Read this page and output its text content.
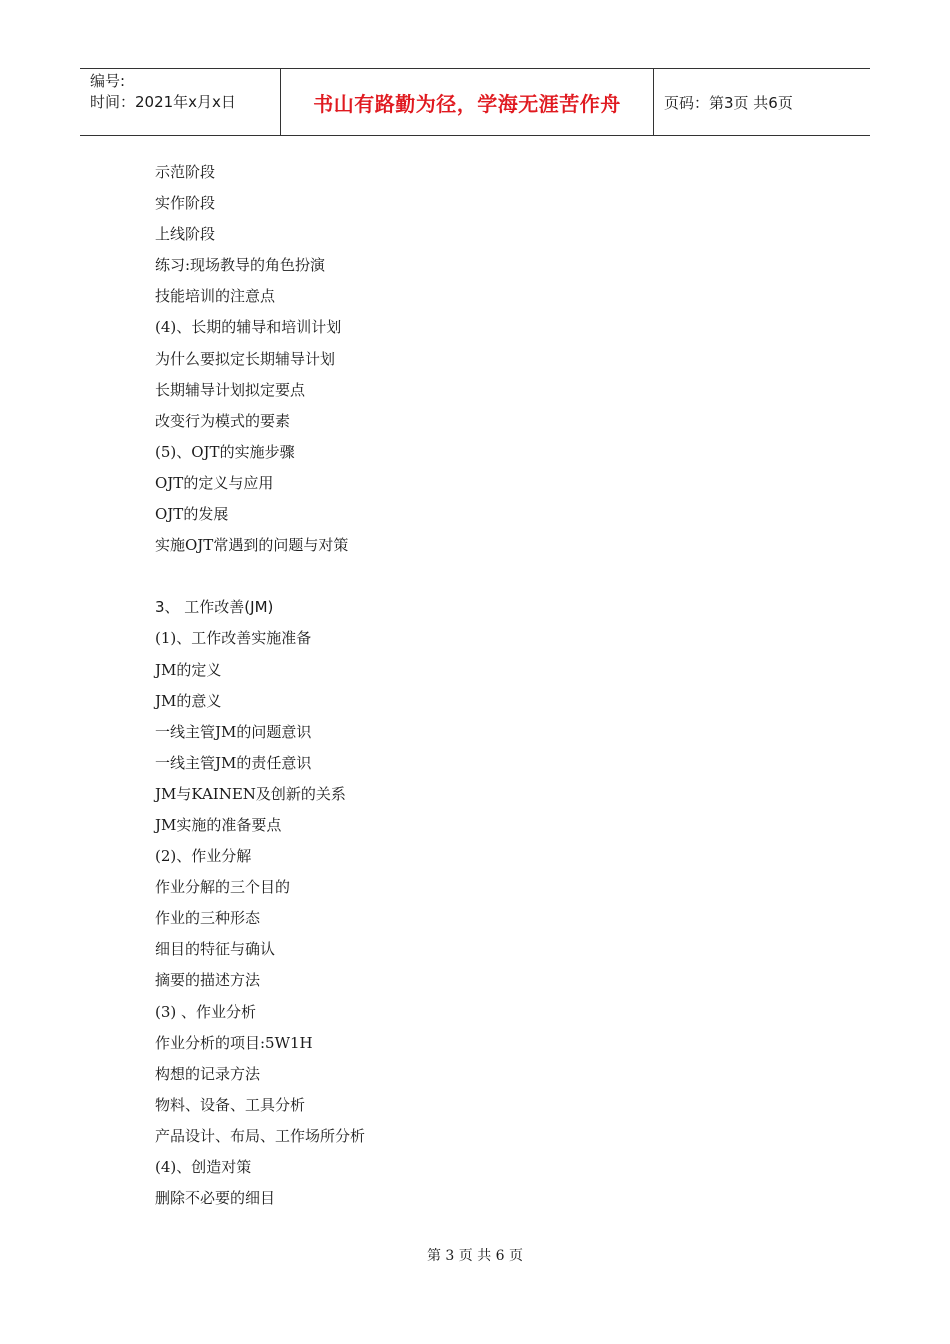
编号:
时间：2021年x月x日	书山有路勤为径，学海无涯苦作舟	页码：第3页 共6页
示范阶段
实作阶段
上线阶段
练习:现场教导的角色扮演
技能培训的注意点
(4)、长期的辅导和培训计划
为什么要拟定长期辅导计划
长期辅导计划拟定要点
改变行为模式的要素
(5)、OJT的实施步骤
OJT的定义与应用
OJT的发展
实施OJT常遇到的问题与对策
3、 工作改善(JM)
(1)、工作改善实施准备
JM的定义
JM的意义
一线主管JM的问题意识
一线主管JM的责任意识
JM与KAINEN及创新的关系
JM实施的准备要点
(2)、作业分解
作业分解的三个目的
作业的三种形态
细目的特征与确认
摘要的描述方法
(3) 、作业分析
作业分析的项目:5W1H
构想的记录方法
物料、设备、工具分析
产品设计、布局、工作场所分析
(4)、创造对策
删除不必要的细目
第 3 页 共 6 页
